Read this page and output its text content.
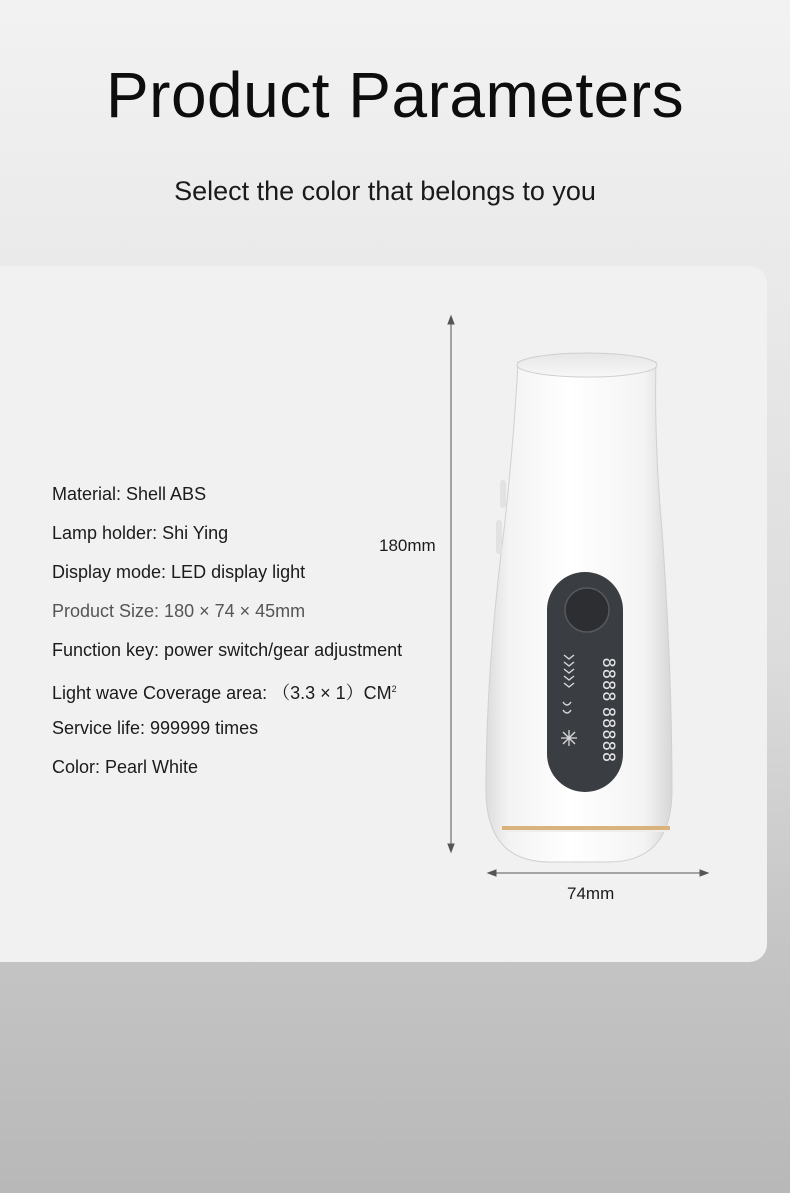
Product Parameters
Select the color that belongs to you
Material: Shell ABS
Lamp holder: Shi Ying
Display mode: LED display light
Product Size: 180 × 74 × 45mm
Function key: power switch/gear adjustment
Light wave Coverage area: $(3.3 \times 1)CM^2$
Service life: 999999 times
Color: Pearl White
180mm
74mm
8888
88888
